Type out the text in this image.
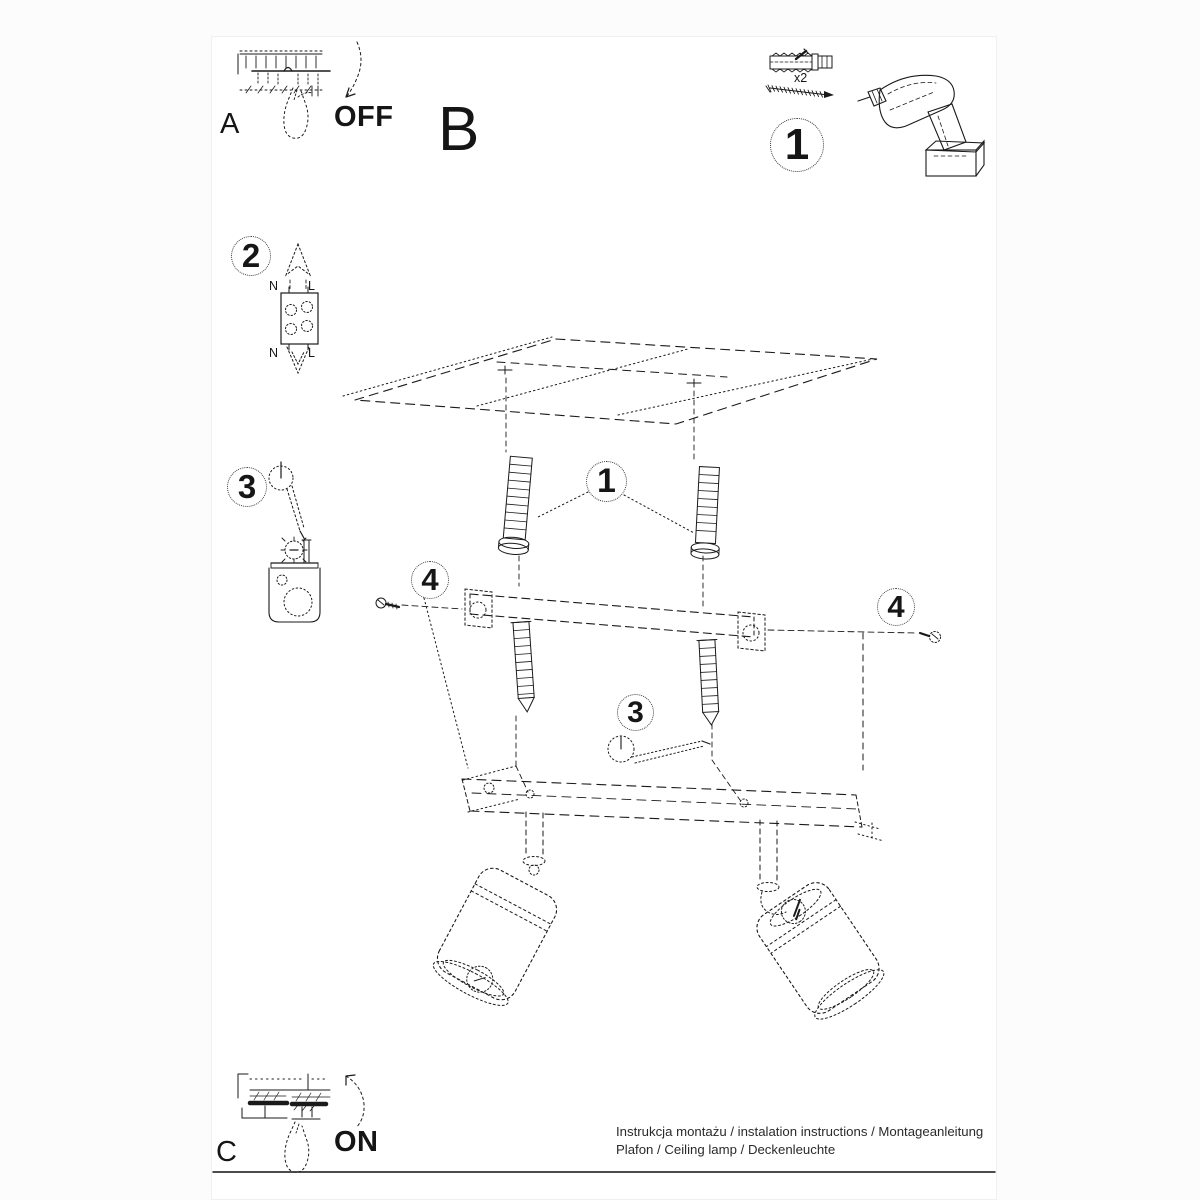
A	OFF B
C	ON
x2
N L
N L
1
2
3	1
4
4
3
Instrukcja montażu / instalation instructions / Montageanleitung
Plafon / Ceiling lamp / Deckenleuchte
